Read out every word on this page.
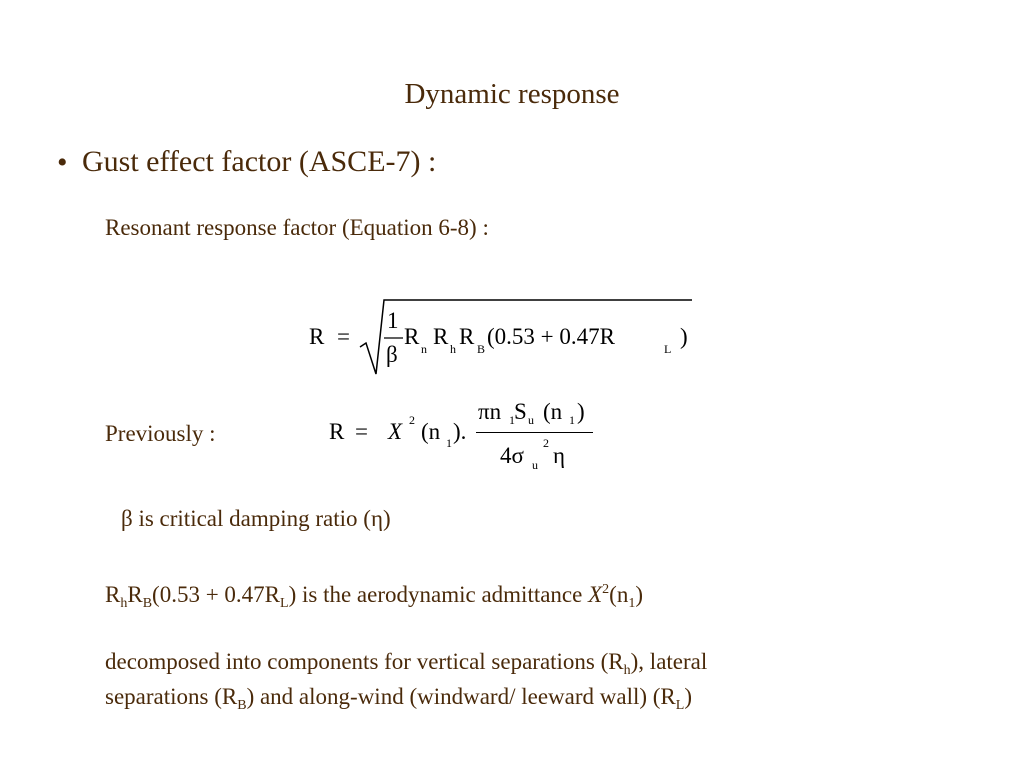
Dynamic response
• Gust effect factor (ASCE-7) :
Resonant response factor (Equation 6-8) :
R =
1
β
R n R h R B (0.53 + 0.47R	L )
Previously :	R = X 2 (n 1 ).
πn 1 S u (n 1 )
4σ u
2 η
β is critical damping ratio (η)
$R_hR_B(0.53 + 0.47R_L)$ is the aerodynamic admittance $X^2(n_1)$
decomposed into components for vertical separations $(R_h)$, lateral
separations $(R_B)$ and along-wind (windward/ leeward wall) $(R_L)$
